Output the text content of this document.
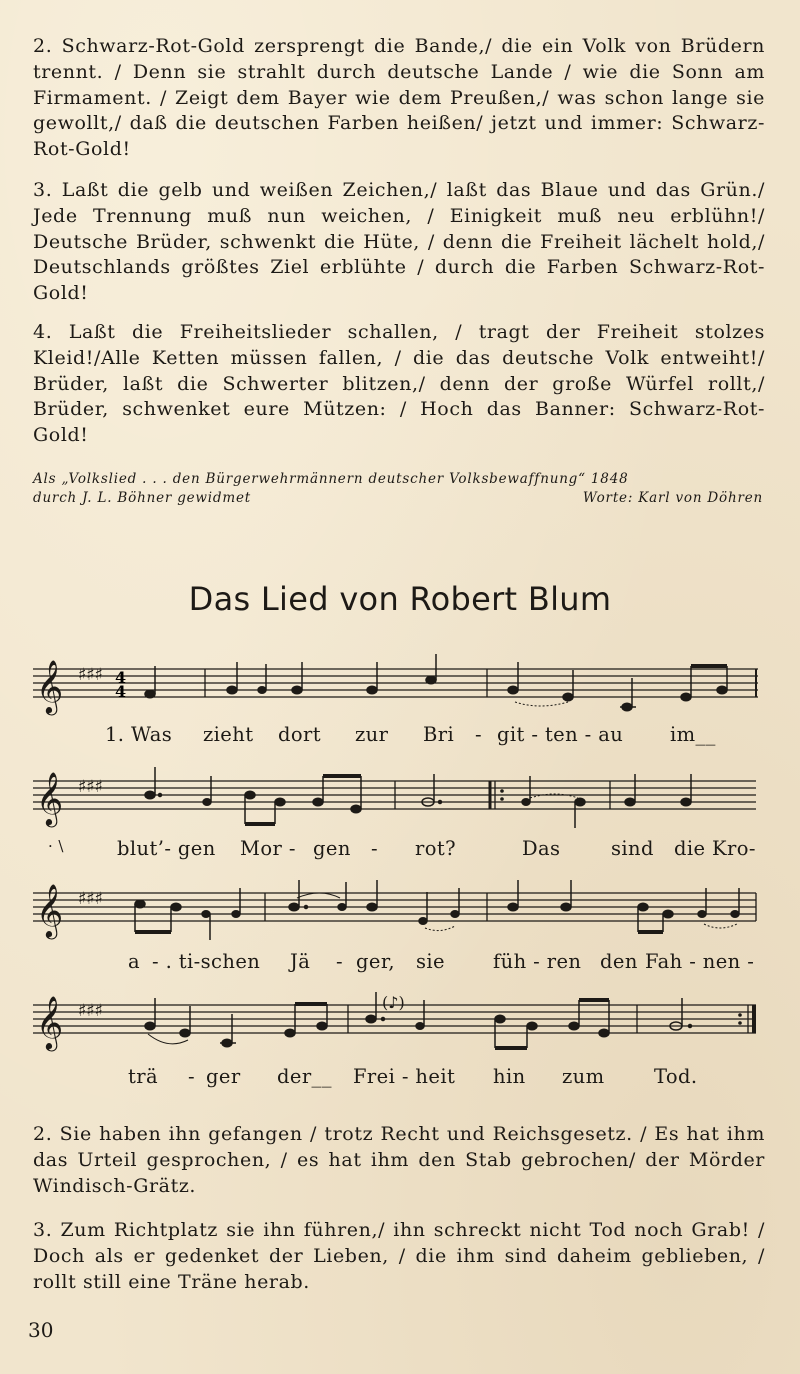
2. Schwarz-Rot-Gold zersprengt die Bande,/ die ein Volk von Brüdern trennt. / Denn sie strahlt durch deutsche Lande / wie die Sonn am Firmament. / Zeigt dem Bayer wie dem Preußen,/ was schon lange sie gewollt,/ daß die deutschen Farben heißen/ jetzt und immer: Schwarz-Rot-Gold!

3. Laßt die gelb und weißen Zeichen,/ laßt das Blaue und das Grün./ Jede Trennung muß nun weichen, / Einigkeit muß neu erblühn!/ Deutsche Brüder, schwenkt die Hüte, / denn die Freiheit lächelt hold,/ Deutschlands größtes Ziel erblühte / durch die Farben Schwarz-Rot-Gold!

4. Laßt die Freiheitslieder schallen, / tragt der Freiheit stolzes Kleid!/Alle Ketten müssen fallen, / die das deutsche Volk entweiht!/ Brüder, laßt die Schwerter blitzen,/ denn der große Würfel rollt,/ Brüder, schwenket eure Mützen: / Hoch das Banner: Schwarz-Rot-Gold!

Als „Volkslied . . . den Bürgerwehrmännern deutscher Volksbewaffnung“ 1848
durch J. L. Böhner gewidmet	Worte: Karl von Döhren
Das Lied von Robert Blum
𝄞 ♯♯♯ 4
4
1. Was zieht dort zur Bri - git - ten - au im__
𝄞 ♯♯♯
· \	blut’- gen Mor - gen - rot?	Das	sind die Kro-
𝄞 ♯♯♯
a - . ti-schen Jä - ger, sie füh - ren den Fah - nen -
𝄞 ♯♯♯	(♪)
trä - ger der__ Frei - heit hin zum	Tod.

2. Sie haben ihn gefangen / trotz Recht und Reichsgesetz. / Es hat ihm das Urteil gesprochen, / es hat ihm den Stab gebrochen/ der Mörder Windisch-Grätz.

3. Zum Richtplatz sie ihn führen,/ ihn schreckt nicht Tod noch Grab! / Doch als er gedenket der Lieben, / die ihm sind daheim geblieben, / rollt still eine Träne herab.

30
